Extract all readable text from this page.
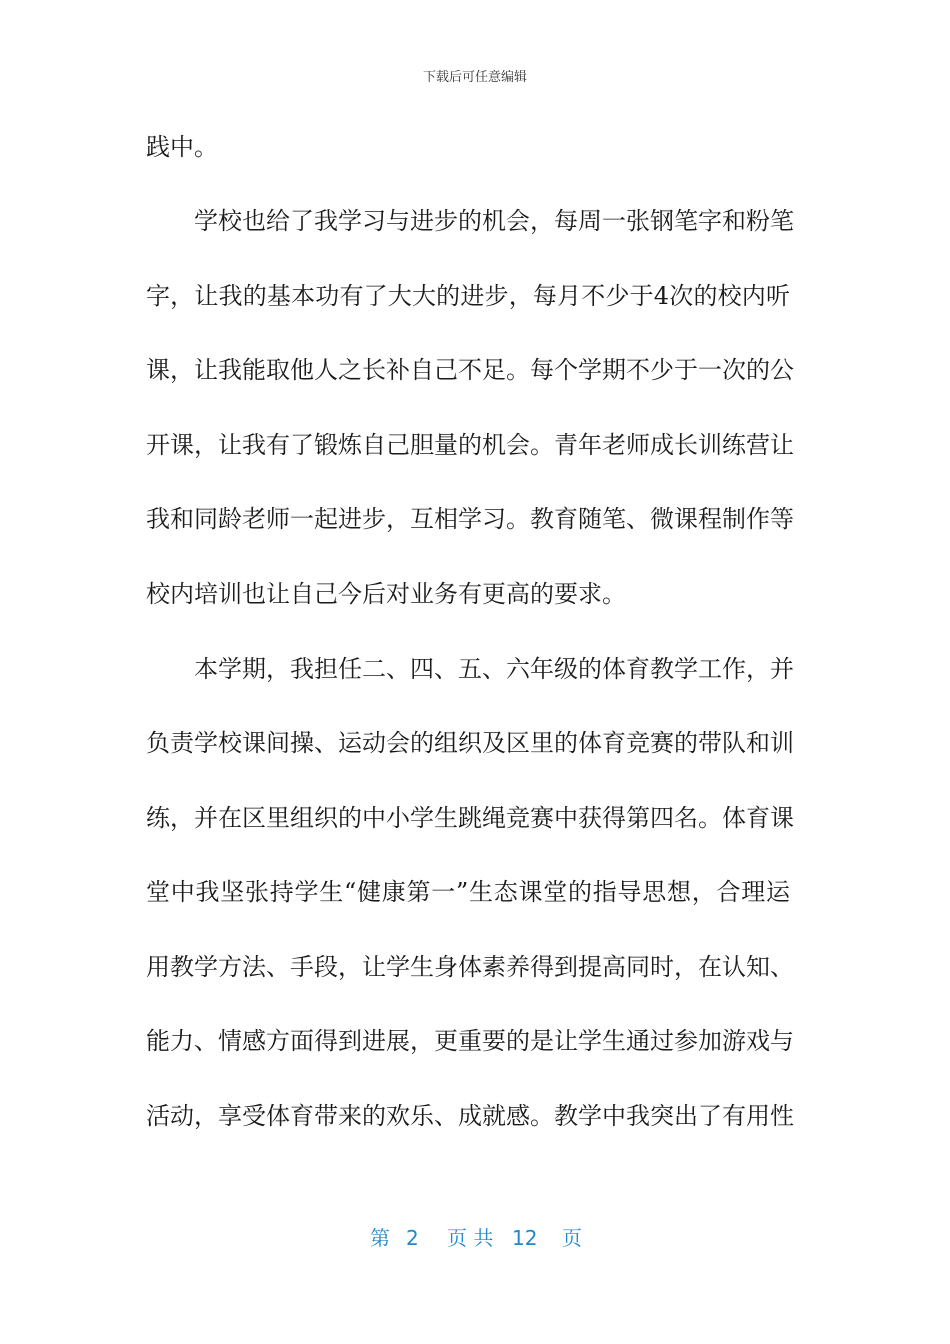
下载后可任意编辑
践中。
学校也给了我学习与进步的机会，每周一张钢笔字和粉笔
字，让我的基本功有了大大的进步，每月不少于4次的校内听
课，让我能取他人之长补自己不足。每个学期不少于一次的公
开课，让我有了锻炼自己胆量的机会。青年老师成长训练营让
我和同龄老师一起进步，互相学习。教育随笔、微课程制作等
校内培训也让自己今后对业务有更高的要求。
本学期，我担任二、四、五、六年级的体育教学工作，并
负责学校课间操、运动会的组织及区里的体育竞赛的带队和训
练，并在区里组织的中小学生跳绳竞赛中获得第四名。体育课
堂中我坚张持学生“健康第一”生态课堂的指导思想，合理运
用教学方法、手段，让学生身体素养得到提高同时，在认知、
能力、情感方面得到进展，更重要的是让学生通过参加游戏与
活动，享受体育带来的欢乐、成就感。教学中我突出了有用性
第 2 页 共 12 页
